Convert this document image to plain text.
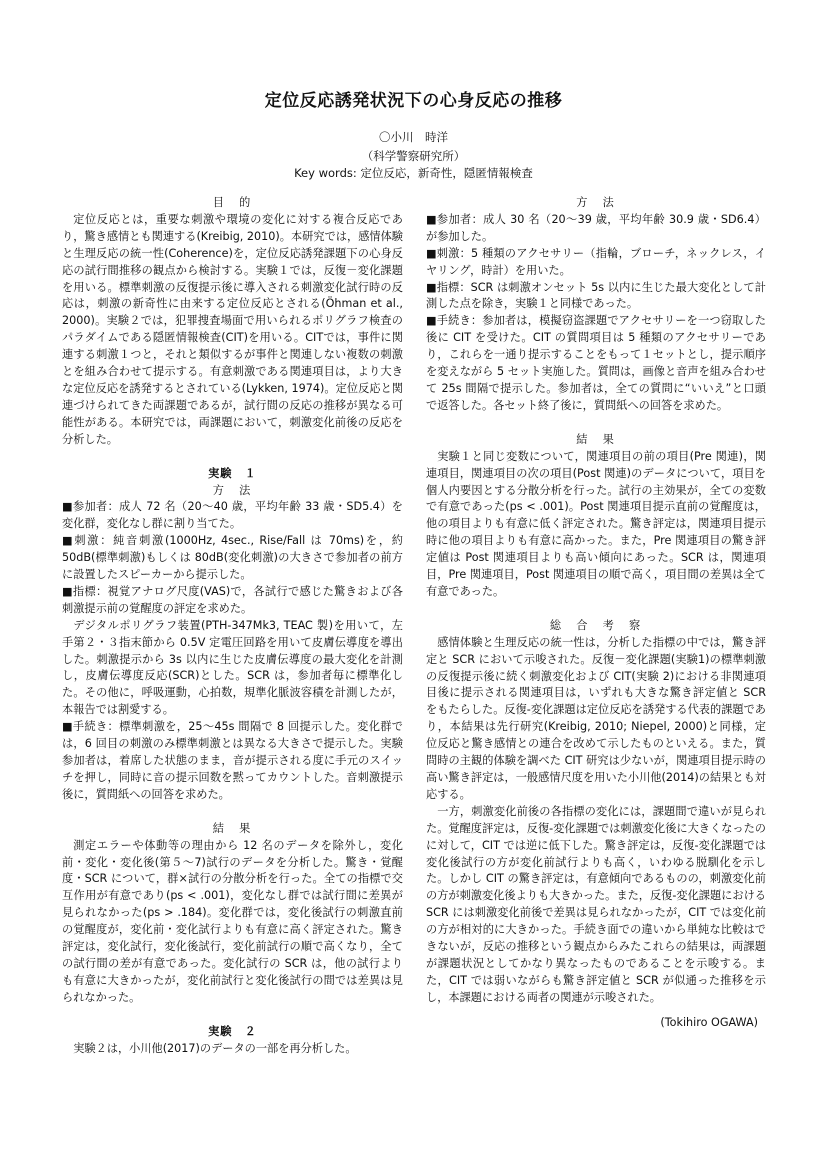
定位反応誘発状況下の心身反応の推移
〇小川　時洋
（科学警察研究所）
Key words: 定位反応，新奇性，隠匿情報検査

目　的

定位反応とは，重要な刺激や環境の変化に対する複合反応であり，驚き感情とも関連する(Kreibig, 2010)。本研究では，感情体験と生理反応の統一性(Coherence)を，定位反応誘発課題下の心身反応の試行間推移の観点から検討する。実験１では，反復－変化課題を用いる。標準刺激の反復提示後に導入される刺激変化試行時の反応は，刺激の新奇性に由来する定位反応とされる(Öhman et al., 2000)。実験２では，犯罪捜査場面で用いられるポリグラフ検査のパラダイムである隠匿情報検査(CIT)を用いる。CITでは，事件に関連する刺激１つと，それと類似するが事件と関連しない複数の刺激とを組み合わせて提示する。有意刺激である関連項目は，より大きな定位反応を誘発するとされている(Lykken, 1974)。定位反応と関連づけられてきた両課題であるが，試行間の反応の推移が異なる可能性がある。本研究では，両課題において，刺激変化前後の反応を分析した。

実験　１

方　法

■参加者：成人 72 名（20～40 歳，平均年齢 33 歳・SD5.4）を変化群，変化なし群に割り当てた。

■刺激：純音刺激(1000Hz, 4sec., Rise/Fall は 70ms)を，約 50dB(標準刺激)もしくは 80dB(変化刺激)の大きさで参加者の前方に設置したスピーカーから提示した。

■指標：視覚アナログ尺度(VAS)で，各試行で感じた驚きおよび各刺激提示前の覚醒度の評定を求めた。

デジタルポリグラフ装置(PTH-347Mk3, TEAC 製)を用いて，左手第２・３指末節から 0.5V 定電圧回路を用いて皮膚伝導度を導出した。刺激提示から 3s 以内に生じた皮膚伝導度の最大変化を計測し，皮膚伝導度反応(SCR)とした。SCR は，参加者毎に標準化した。その他に，呼吸運動，心拍数，規準化脈波容積を計測したが，本報告では割愛する。

■手続き：標準刺激を，25～45s 間隔で 8 回提示した。変化群では，6 回目の刺激のみ標準刺激とは異なる大きさで提示した。実験参加者は，着席した状態のまま，音が提示される度に手元のスイッチを押し，同時に音の提示回数を黙ってカウントした。音刺激提示後に，質問紙への回答を求めた。

結　果

測定エラーや体動等の理由から 12 名のデータを除外し，変化前・変化・変化後(第５～7)試行のデータを分析した。驚き・覚醒度・SCR について，群×試行の分散分析を行った。全ての指標で交互作用が有意であり(ps < .001)，変化なし群では試行間に差異が見られなかった(ps > .184)。変化群では，変化後試行の刺激直前の覚醒度が，変化前・変化試行よりも有意に高く評定された。驚き評定は，変化試行，変化後試行，変化前試行の順で高くなり，全ての試行間の差が有意であった。変化試行の SCR は，他の試行よりも有意に大きかったが，変化前試行と変化後試行の間では差異は見られなかった。

実験　２

実験２は，小川他(2017)のデータの一部を再分析した。

方　法

■参加者：成人 30 名（20～39 歳，平均年齢 30.9 歳・SD6.4）が参加した。

■刺激：5 種類のアクセサリー（指輪，ブローチ，ネックレス，イヤリング，時計）を用いた。

■指標：SCR は刺激オンセット 5s 以内に生じた最大変化として計測した点を除き，実験１と同様であった。

■手続き：参加者は，模擬窃盗課題でアクセサリーを一つ窃取した後に CIT を受けた。CIT の質問項目は 5 種類のアクセサリーであり，これらを一通り提示することをもって１セットとし，提示順序を変えながら 5 セット実施した。質問は，画像と音声を組み合わせて 25s 間隔で提示した。参加者は，全ての質問に“いいえ”と口頭で返答した。各セット終了後に，質問紙への回答を求めた。

結　果

実験１と同じ変数について，関連項目の前の項目(Pre 関連)，関連項目，関連項目の次の項目(Post 関連)のデータについて，項目を個人内要因とする分散分析を行った。試行の主効果が，全ての変数で有意であった(ps < .001)。Post 関連項目提示直前の覚醒度は，他の項目よりも有意に低く評定された。驚き評定は，関連項目提示時に他の項目よりも有意に高かった。また，Pre 関連項目の驚き評定値は Post 関連項目よりも高い傾向にあった。SCR は，関連項目，Pre 関連項目，Post 関連項目の順で高く，項目間の差異は全て有意であった。

総　合　考　察

感情体験と生理反応の統一性は，分析した指標の中では，驚き評定と SCR において示唆された。反復－変化課題(実験1)の標準刺激の反復提示後に続く刺激変化および CIT(実験 2)における非関連項目後に提示される関連項目は，いずれも大きな驚き評定値と SCR をもたらした。反復-変化課題は定位反応を誘発する代表的課題であり，本結果は先行研究(Kreibig, 2010; Niepel, 2000)と同様，定位反応と驚き感情との連合を改めて示したものといえる。また，質問時の主観的体験を調べた CIT 研究は少ないが，関連項目提示時の高い驚き評定は，一般感情尺度を用いた小川他(2014)の結果とも対応する。

一方，刺激変化前後の各指標の変化には，課題間で違いが見られた。覚醒度評定は，反復-変化課題では刺激変化後に大きくなったのに対して，CIT では逆に低下した。驚き評定は，反復-変化課題では変化後試行の方が変化前試行よりも高く，いわゆる脱馴化を示した。しかし CIT の驚き評定は，有意傾向であるものの，刺激変化前の方が刺激変化後よりも大きかった。また，反復-変化課題における SCR には刺激変化前後で差異は見られなかったが，CIT では変化前の方が相対的に大きかった。手続き面での違いから単純な比較はできないが，反応の推移という観点からみたこれらの結果は，両課題が課題状況としてかなり異なったものであることを示唆する。また，CIT では弱いながらも驚き評定値と SCR が似通った推移を示し，本課題における両者の関連が示唆された。

(Tokihiro OGAWA)
